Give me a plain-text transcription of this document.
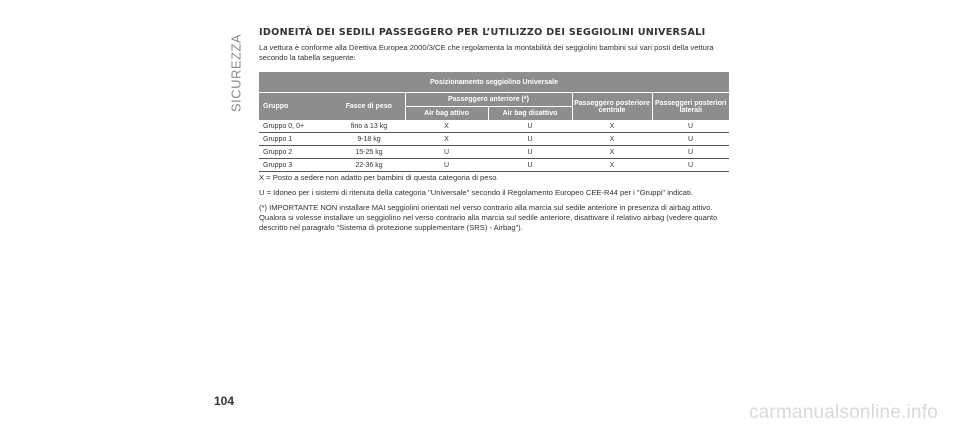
SICUREZZA
IDONEITÀ DEI SEDILI PASSEGGERO PER L’UTILIZZO DEI SEGGIOLINI UNIVERSALI

La vettura è conforme alla Direttiva Europea 2000/3/CE che regolamenta la montabilità dei seggiolini bambini sui vari posti della vettura secondo la tabella seguente:

Posizionamento seggiolino Universale					
Gruppo	Fasce di peso	Passeggero anteriore (*)		Passeggero posteriore centrale	Passeggeri posteriori laterali
		Air bag attivo	Air bag disattivo		
Gruppo 0, 0+	fino a 13 kg	X	U	X	U
Gruppo 1	9-18 kg	X	U	X	U
Gruppo 2	15-25 kg	U	U	X	U
Gruppo 3	22-36 kg	U	U	X	U

X = Posto a sedere non adatto per bambini di questa categoria di peso.

U = Idoneo per i sistemi di ritenuta della categoria "Universale" secondo il Regolamento Europeo CEE-R44 per i "Gruppi" indicati.

(*) IMPORTANTE NON installare MAI seggiolini orientati nel verso contrario alla marcia sul sedile anteriore in presenza di airbag attivo. Qualora si volesse installare un seggiolino nel verso contrario alla marcia sul sedile anteriore, disattivare il relativo airbag (vedere quanto descritto nel paragrafo “Sistema di protezione supplementare (SRS) - Airbag”).

104
carmanualsonline.info
